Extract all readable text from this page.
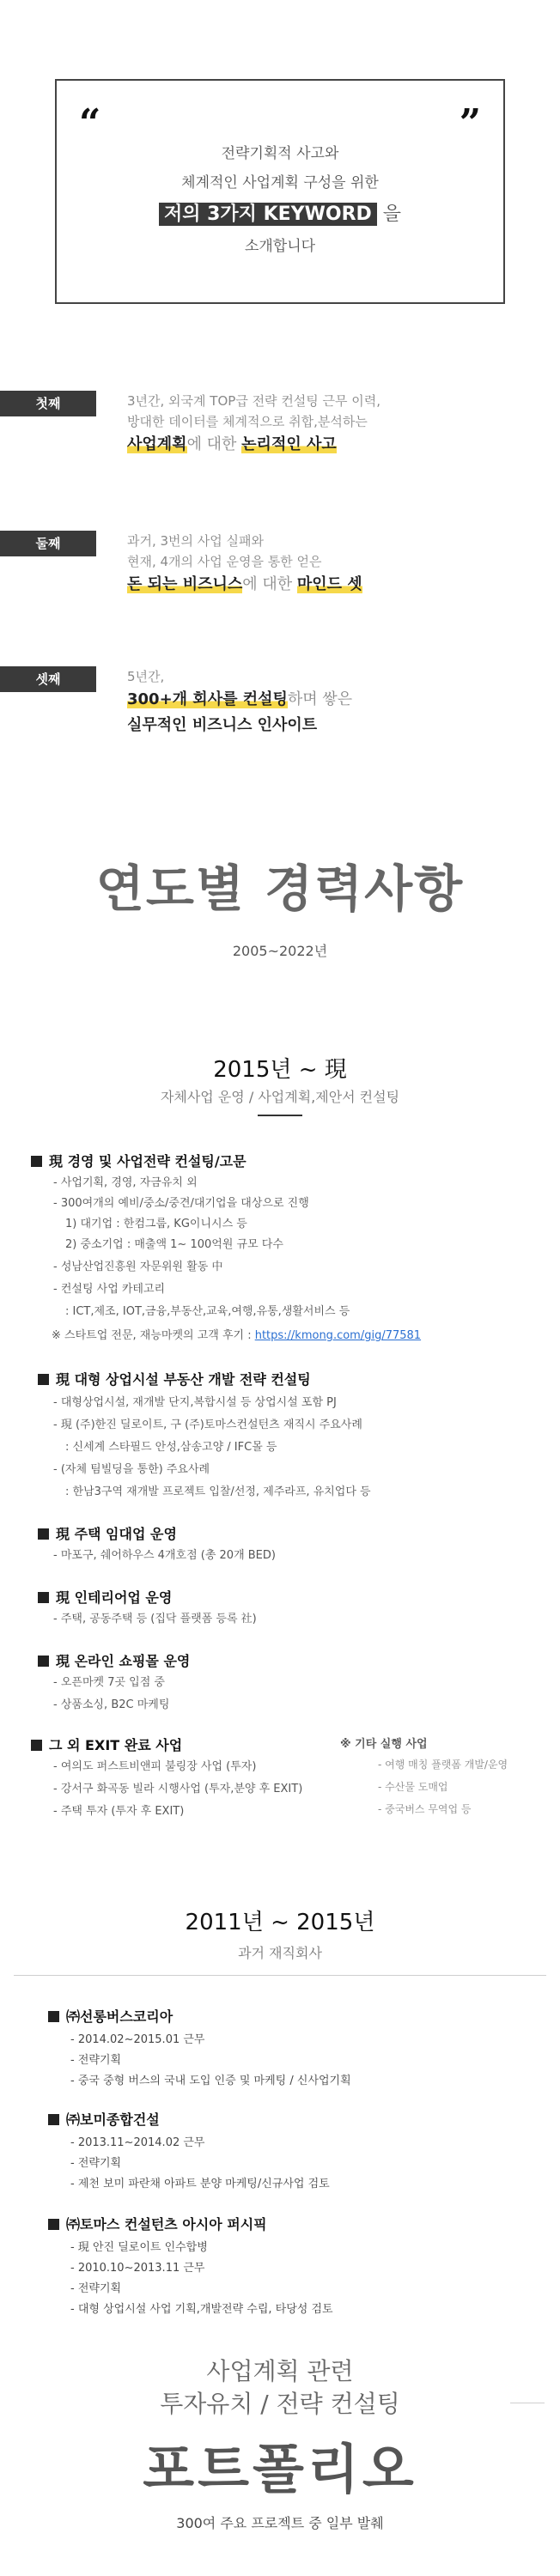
“	”
전략기획적 사고와
체계적인 사업계획 구성을 위한
저의 3가지 KEYWORD 을
소개합니다
첫째	3년간, 외국계 TOP급 전략 컨설팅 근무 이력,
방대한 데이터를 체계적으로 취합,분석하는
사업계획에 대한 논리적인 사고
둘째	과거, 3번의 사업 실패와
현재, 4개의 사업 운영을 통한 얻은
돈 되는 비즈니스에 대한 마인드 셋
셋째	5년간,
300+개 회사를 컨설팅하며 쌓은
실무적인 비즈니스 인사이트
연도별 경력사항
2005~2022년
2015년 ~ 現
자체사업 운영 / 사업계획,제안서 컨설팅
現 경영 및 사업전략 컨설팅/고문
- 사업기획, 경영, 자금유치 외
- 300여개의 예비/중소/중견/대기업을 대상으로 진행
1) 대기업 : 한컴그룹, KG이니시스 등
2) 중소기업 : 매출액 1~ 100억원 규모 다수
- 성남산업진흥원 자문위원 활동 中
- 컨설팅 사업 카테고리
: ICT,제조, IOT,금융,부동산,교육,여행,유통,생활서비스 등
※ 스타트업 전문, 재능마켓의 고객 후기 : https://kmong.com/gig/77581
現 대형 상업시설 부동산 개발 전략 컨설팅
- 대형상업시설, 재개발 단지,복합시설 등 상업시설 포함 PJ
- 現 (주)한진 딜로이트, 구 (주)토마스컨설턴츠 재직시 주요사례
: 신세계 스타필드 안성,삼송고양 / IFC몰 등
- (자체 팀빌딩을 통한) 주요사례
: 한남3구역 재개발 프로젝트 입찰/선정, 제주라프, 유치업다 등
現 주택 임대업 운영
- 마포구, 쉐어하우스 4개호점 (총 20개 BED)
現 인테리어업 운영
- 주택, 공동주택 등 (집닥 플랫폼 등록 社)
現 온라인 쇼핑몰 운영
- 오픈마켓 7곳 입점 중
- 상품소싱, B2C 마케팅
그 외 EXIT 완료 사업
- 여의도 퍼스트비앤피 불링장 사업 (투자)
- 강서구 화곡동 빌라 시행사업 (투자,분양 후 EXIT)
- 주택 투자 (투자 후 EXIT)
※ 기타 실행 사업
- 여행 매칭 플랫폼 개발/운영
- 수산물 도매업
- 중국버스 무역업 등
2011년 ~ 2015년
과거 재직회사
㈜선롱버스코리아
- 2014.02~2015.01 근무
- 전략기획
- 중국 중형 버스의 국내 도입 인증 및 마케팅 / 신사업기획
㈜보미종합건설
- 2013.11~2014.02 근무
- 전략기획
- 제천 보미 파란채 아파트 분양 마케팅/신규사업 검토
㈜토마스 컨설턴츠 아시아 퍼시픽
- 現 안진 딜로이트 인수합병
- 2010.10~2013.11 근무
- 전략기획
- 대형 상업시설 사업 기획,개발전략 수립, 타당성 검토
사업계획 관련
투자유치 / 전략 컨설팅
포트폴리오
300여 주요 프로젝트 중 일부 발췌
